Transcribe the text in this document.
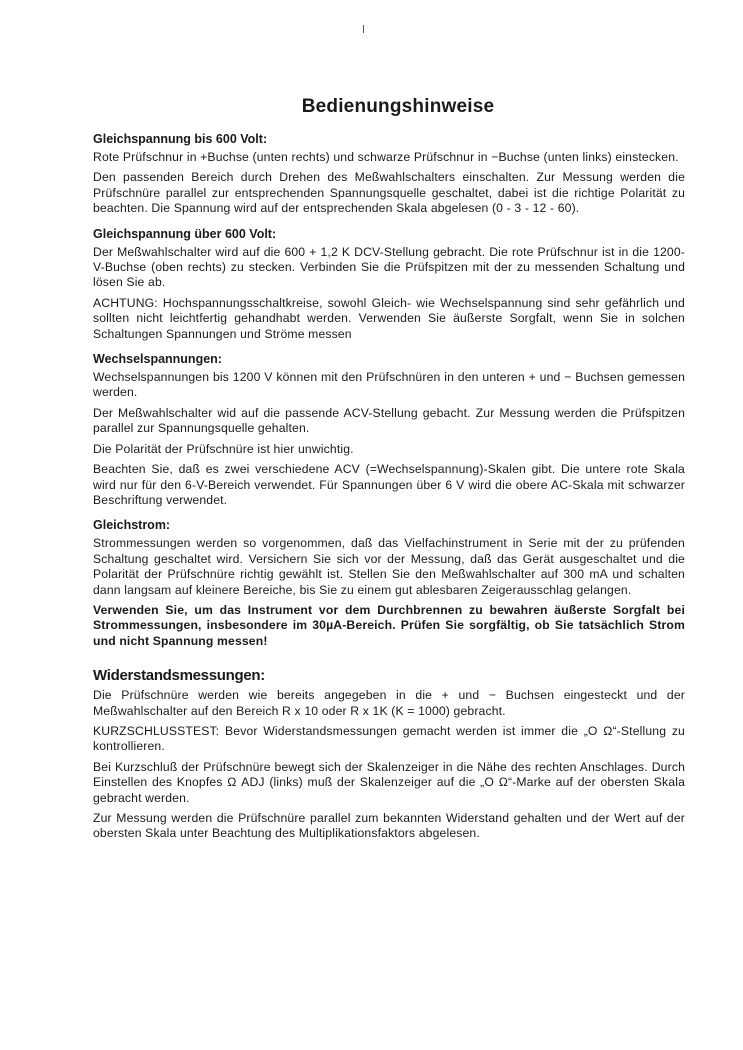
Bedienungshinweise
Gleichspannung bis 600 Volt:

Rote Prüfschnur in +Buchse (unten rechts) und schwarze Prüfschnur in −Buchse (unten links) einstecken.

Den passenden Bereich durch Drehen des Meßwahlschalters einschalten. Zur Messung werden die Prüfschnüre parallel zur entsprechenden Spannungsquelle geschaltet, dabei ist die richtige Polarität zu beachten. Die Spannung wird auf der entsprechenden Skala abgelesen (0 - 3 - 12 - 60).

Gleichspannung über 600 Volt:

Der Meßwahlschalter wird auf die 600 + 1,2 K DCV-Stellung gebracht. Die rote Prüfschnur ist in die 1200-V-Buchse (oben rechts) zu stecken. Verbinden Sie die Prüfspitzen mit der zu messenden Schaltung und lösen Sie ab.

ACHTUNG: Hochspannungsschaltkreise, sowohl Gleich- wie Wechselspannung sind sehr gefährlich und sollten nicht leichtfertig gehandhabt werden. Verwenden Sie äußerste Sorgfalt, wenn Sie in solchen Schaltungen Spannungen und Ströme messen

Wechselspannungen:

Wechselspannungen bis 1200 V können mit den Prüfschnüren in den unteren + und − Buchsen gemessen werden.

Der Meßwahlschalter wid auf die passende ACV-Stellung gebacht. Zur Messung werden die Prüfspitzen parallel zur Spannungsquelle gehalten.

Die Polarität der Prüfschnüre ist hier unwichtig.

Beachten Sie, daß es zwei verschiedene ACV (=Wechselspannung)-Skalen gibt. Die untere rote Skala wird nur für den 6-V-Bereich verwendet. Für Spannungen über 6 V wird die obere AC-Skala mit schwarzer Beschriftung verwendet.

Gleichstrom:

Strommessungen werden so vorgenommen, daß das Vielfachinstrument in Serie mit der zu prüfenden Schaltung geschaltet wird. Versichern Sie sich vor der Messung, daß das Gerät ausgeschaltet und die Polarität der Prüfschnüre richtig gewählt ist. Stellen Sie den Meßwahlschalter auf 300 mA und schalten dann langsam auf kleinere Bereiche, bis Sie zu einem gut ablesbaren Zeigerausschlag gelangen.

Verwenden Sie, um das Instrument vor dem Durchbrennen zu bewahren äußerste Sorgfalt bei Strommessungen, insbesondere im 30µA-Bereich. Prüfen Sie sorgfältig, ob Sie tatsächlich Strom und nicht Spannung messen!

Widerstandsmessungen:

Die Prüfschnüre werden wie bereits angegeben in die + und − Buchsen eingesteckt und der Meßwahlschalter auf den Bereich R x 10 oder R x 1K (K = 1000) gebracht.

KURZSCHLUSSTEST: Bevor Widerstandsmessungen gemacht werden ist immer die „O Ω“-Stellung zu kontrollieren.

Bei Kurzschluß der Prüfschnüre bewegt sich der Skalenzeiger in die Nähe des rechten Anschlages. Durch Einstellen des Knopfes Ω ADJ (links) muß der Skalenzeiger auf die „O Ω“-Marke auf der obersten Skala gebracht werden.

Zur Messung werden die Prüfschnüre parallel zum bekannten Widerstand gehalten und der Wert auf der obersten Skala unter Beachtung des Multiplikationsfaktors abgelesen.
